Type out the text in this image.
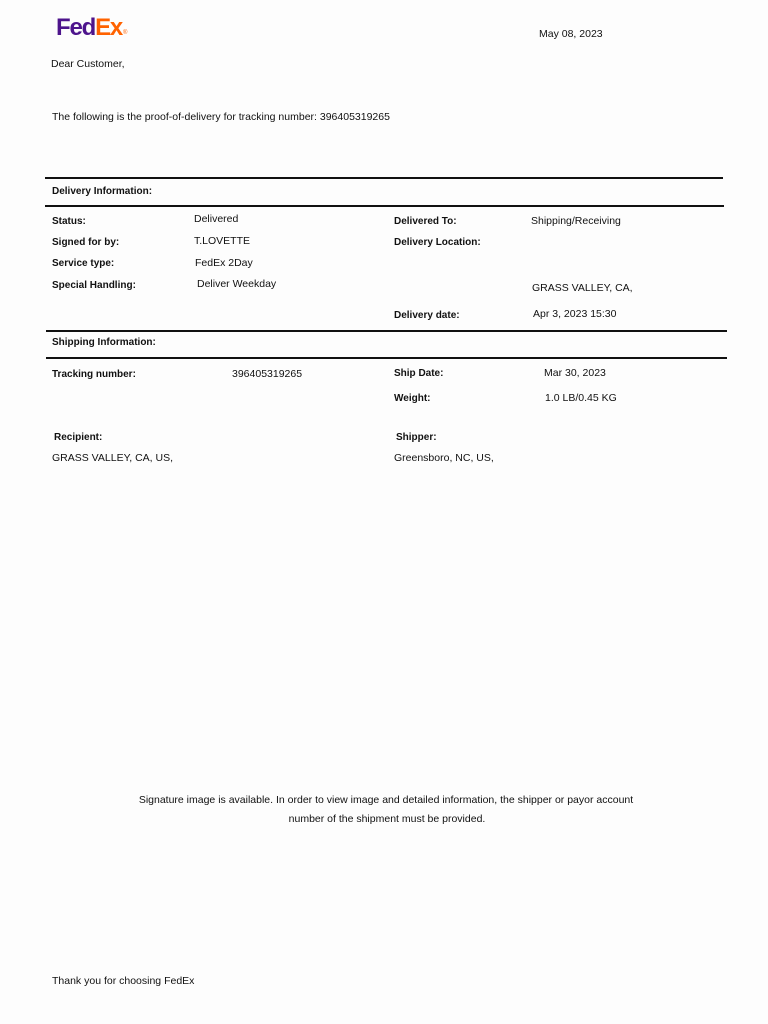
FedEx®	May 08, 2023
Dear Customer,
The following is the proof-of-delivery for tracking number: 396405319265
Delivery Information:
Status:	Delivered
Signed for by:	T.LOVETTE
Service type:	FedEx 2Day
Special Handling:	Deliver Weekday
Delivered To:	Shipping/Receiving
Delivery Location:
GRASS VALLEY, CA,
Delivery date:	Apr 3, 2023 15:30
Shipping Information:
Tracking number:	396405319265	Ship Date:	Mar 30, 2023
Weight:	1.0 LB/0.45 KG
Recipient:
GRASS VALLEY, CA, US,
Shipper:
Greensboro, NC, US,
Signature image is available. In order to view image and detailed information, the shipper or payor account
number of the shipment must be provided.
Thank you for choosing FedEx
